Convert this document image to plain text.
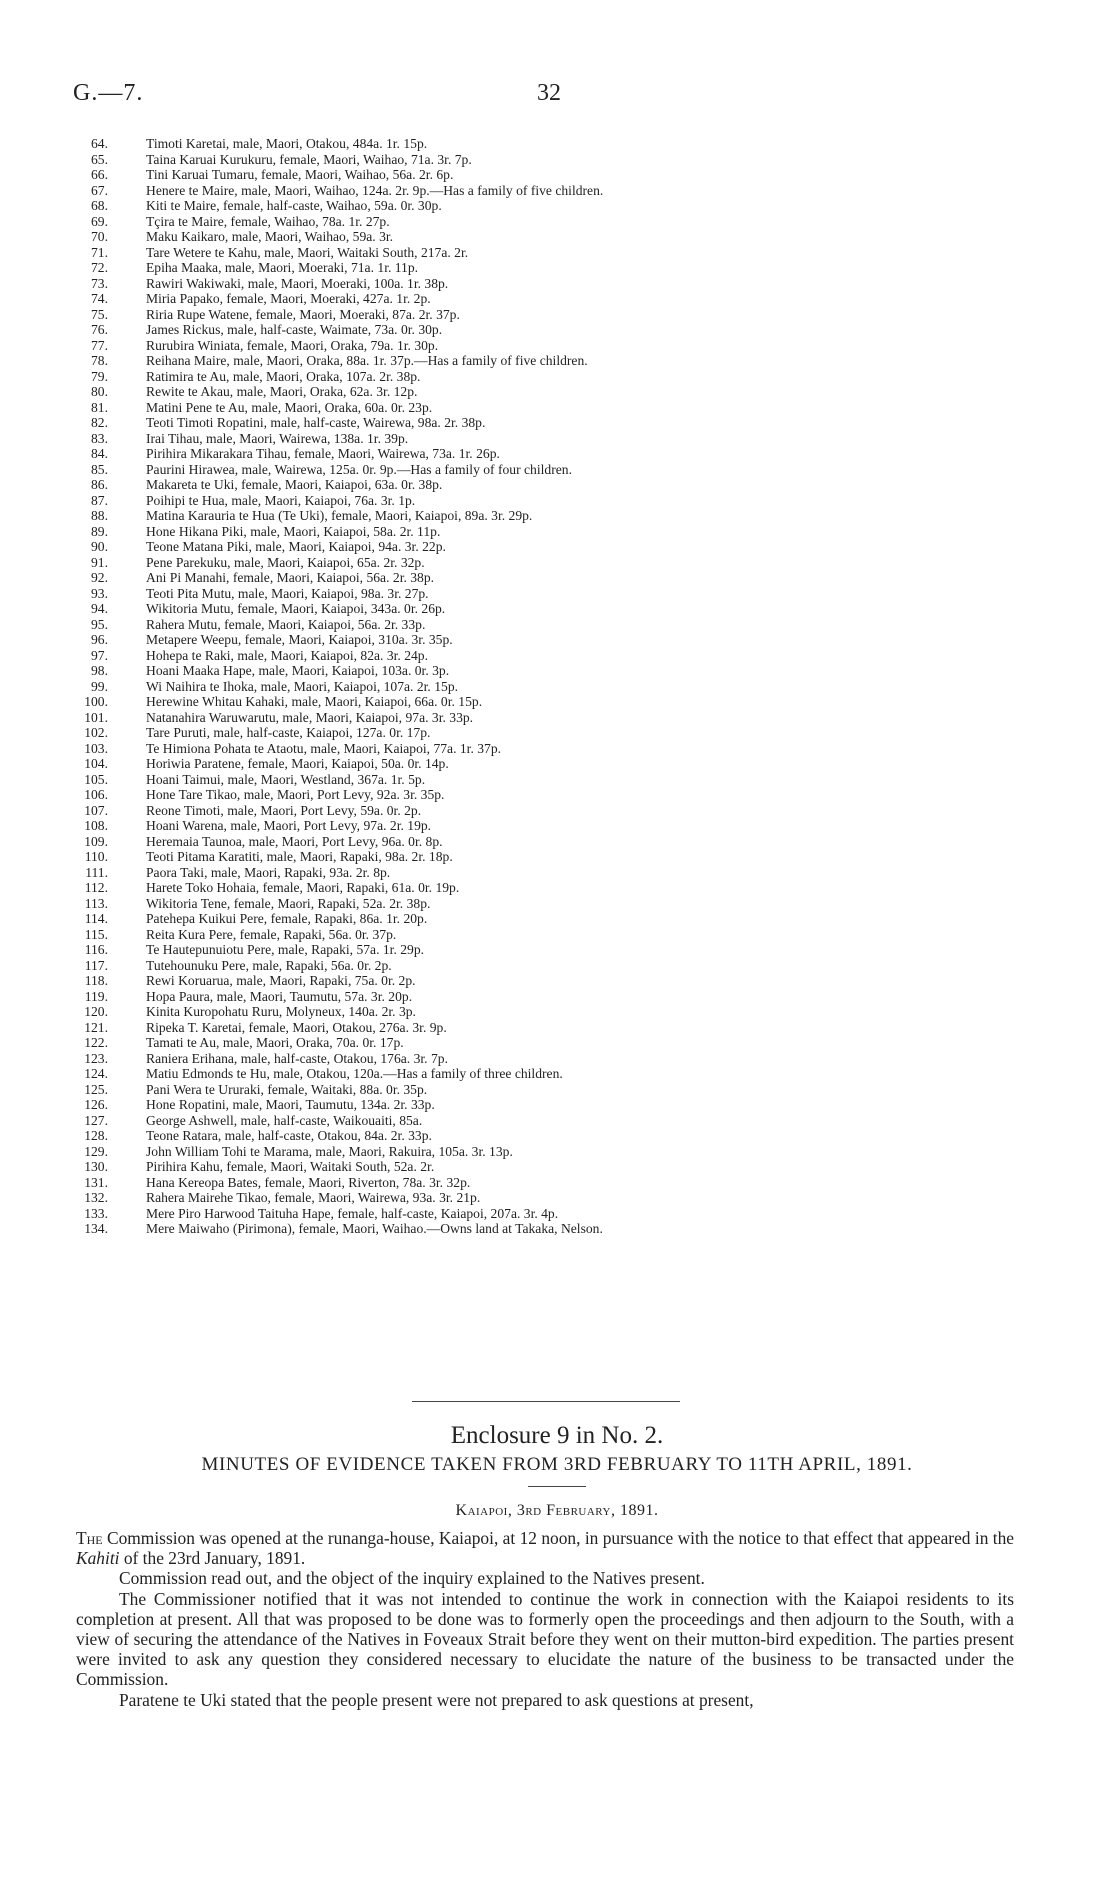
G.—7.	32
64.	Timoti Karetai, male, Maori, Otakou, 484a. 1r. 15p.
65.	Taina Karuai Kurukuru, female, Maori, Waihao, 71a. 3r. 7p.
66.	Tini Karuai Tumaru, female, Maori, Waihao, 56a. 2r. 6p.
67.	Henere te Maire, male, Maori, Waihao, 124a. 2r. 9p.—Has a family of five children.
68.	Kiti te Maire, female, half-caste, Waihao, 59a. 0r. 30p.
69.	Tçira te Maire, female, Waihao, 78a. 1r. 27p.
70.	Maku Kaikaro, male, Maori, Waihao, 59a. 3r.
71.	Tare Wetere te Kahu, male, Maori, Waitaki South, 217a. 2r.
72.	Epiha Maaka, male, Maori, Moeraki, 71a. 1r. 11p.
73.	Rawiri Wakiwaki, male, Maori, Moeraki, 100a. 1r. 38p.
74.	Miria Papako, female, Maori, Moeraki, 427a. 1r. 2p.
75.	Riria Rupe Watene, female, Maori, Moeraki, 87a. 2r. 37p.
76.	James Rickus, male, half-caste, Waimate, 73a. 0r. 30p.
77.	Rurubira Winiata, female, Maori, Oraka, 79a. 1r. 30p.
78.	Reihana Maire, male, Maori, Oraka, 88a. 1r. 37p.—Has a family of five children.
79.	Ratimira te Au, male, Maori, Oraka, 107a. 2r. 38p.
80.	Rewite te Akau, male, Maori, Oraka, 62a. 3r. 12p.
81.	Matini Pene te Au, male, Maori, Oraka, 60a. 0r. 23p.
82.	Teoti Timoti Ropatini, male, half-caste, Wairewa, 98a. 2r. 38p.
83.	Irai Tihau, male, Maori, Wairewa, 138a. 1r. 39p.
84.	Pirihira Mikarakara Tihau, female, Maori, Wairewa, 73a. 1r. 26p.
85.	Paurini Hirawea, male, Wairewa, 125a. 0r. 9p.—Has a family of four children.
86.	Makareta te Uki, female, Maori, Kaiapoi, 63a. 0r. 38p.
87.	Poihipi te Hua, male, Maori, Kaiapoi, 76a. 3r. 1p.
88.	Matina Karauria te Hua (Te Uki), female, Maori, Kaiapoi, 89a. 3r. 29p.
89.	Hone Hikana Piki, male, Maori, Kaiapoi, 58a. 2r. 11p.
90.	Teone Matana Piki, male, Maori, Kaiapoi, 94a. 3r. 22p.
91.	Pene Parekuku, male, Maori, Kaiapoi, 65a. 2r. 32p.
92.	Ani Pi Manahi, female, Maori, Kaiapoi, 56a. 2r. 38p.
93.	Teoti Pita Mutu, male, Maori, Kaiapoi, 98a. 3r. 27p.
94.	Wikitoria Mutu, female, Maori, Kaiapoi, 343a. 0r. 26p.
95.	Rahera Mutu, female, Maori, Kaiapoi, 56a. 2r. 33p.
96.	Metapere Weepu, female, Maori, Kaiapoi, 310a. 3r. 35p.
97.	Hohepa te Raki, male, Maori, Kaiapoi, 82a. 3r. 24p.
98.	Hoani Maaka Hape, male, Maori, Kaiapoi, 103a. 0r. 3p.
99.	Wi Naihira te Ihoka, male, Maori, Kaiapoi, 107a. 2r. 15p.
100.	Herewine Whitau Kahaki, male, Maori, Kaiapoi, 66a. 0r. 15p.
101.	Natanahira Waruwarutu, male, Maori, Kaiapoi, 97a. 3r. 33p.
102.	Tare Puruti, male, half-caste, Kaiapoi, 127a. 0r. 17p.
103.	Te Himiona Pohata te Ataotu, male, Maori, Kaiapoi, 77a. 1r. 37p.
104.	Horiwia Paratene, female, Maori, Kaiapoi, 50a. 0r. 14p.
105.	Hoani Taimui, male, Maori, Westland, 367a. 1r. 5p.
106.	Hone Tare Tikao, male, Maori, Port Levy, 92a. 3r. 35p.
107.	Reone Timoti, male, Maori, Port Levy, 59a. 0r. 2p.
108.	Hoani Warena, male, Maori, Port Levy, 97a. 2r. 19p.
109.	Heremaia Taunoa, male, Maori, Port Levy, 96a. 0r. 8p.
110.	Teoti Pitama Karatiti, male, Maori, Rapaki, 98a. 2r. 18p.
111.	Paora Taki, male, Maori, Rapaki, 93a. 2r. 8p.
112.	Harete Toko Hohaia, female, Maori, Rapaki, 61a. 0r. 19p.
113.	Wikitoria Tene, female, Maori, Rapaki, 52a. 2r. 38p.
114.	Patehepa Kuikui Pere, female, Rapaki, 86a. 1r. 20p.
115.	Reita Kura Pere, female, Rapaki, 56a. 0r. 37p.
116.	Te Hautepunuiotu Pere, male, Rapaki, 57a. 1r. 29p.
117.	Tutehounuku Pere, male, Rapaki, 56a. 0r. 2p.
118.	Rewi Koruarua, male, Maori, Rapaki, 75a. 0r. 2p.
119.	Hopa Paura, male, Maori, Taumutu, 57a. 3r. 20p.
120.	Kinita Kuropohatu Ruru, Molyneux, 140a. 2r. 3p.
121.	Ripeka T. Karetai, female, Maori, Otakou, 276a. 3r. 9p.
122.	Tamati te Au, male, Maori, Oraka, 70a. 0r. 17p.
123.	Raniera Erihana, male, half-caste, Otakou, 176a. 3r. 7p.
124.	Matiu Edmonds te Hu, male, Otakou, 120a.—Has a family of three children.
125.	Pani Wera te Ururaki, female, Waitaki, 88a. 0r. 35p.
126.	Hone Ropatini, male, Maori, Taumutu, 134a. 2r. 33p.
127.	George Ashwell, male, half-caste, Waikouaiti, 85a.
128.	Teone Ratara, male, half-caste, Otakou, 84a. 2r. 33p.
129.	John William Tohi te Marama, male, Maori, Rakuira, 105a. 3r. 13p.
130.	Pirihira Kahu, female, Maori, Waitaki South, 52a. 2r.
131.	Hana Kereopa Bates, female, Maori, Riverton, 78a. 3r. 32p.
132.	Rahera Mairehe Tikao, female, Maori, Wairewa, 93a. 3r. 21p.
133.	Mere Piro Harwood Taituha Hape, female, half-caste, Kaiapoi, 207a. 3r. 4p.
134.	Mere Maiwaho (Pirimona), female, Maori, Waihao.—Owns land at Takaka, Nelson.
Enclosure 9 in No. 2.
MINUTES OF EVIDENCE TAKEN FROM 3RD FEBRUARY TO 11TH APRIL, 1891.
Kaiapoi, 3rd February, 1891.

The Commission was opened at the runanga-house, Kaiapoi, at 12 noon, in pursuance with the notice to that effect that appeared in the Kahiti of the 23rd January, 1891.

Commission read out, and the object of the inquiry explained to the Natives present.

The Commissioner notified that it was not intended to continue the work in connection with the Kaiapoi residents to its completion at present. All that was proposed to be done was to formerly open the proceedings and then adjourn to the South, with a view of securing the attendance of the Natives in Foveaux Strait before they went on their mutton-bird expedition. The parties present were invited to ask any question they considered necessary to elucidate the nature of the business to be transacted under the Commission.

Paratene te Uki stated that the people present were not prepared to ask questions at present,
